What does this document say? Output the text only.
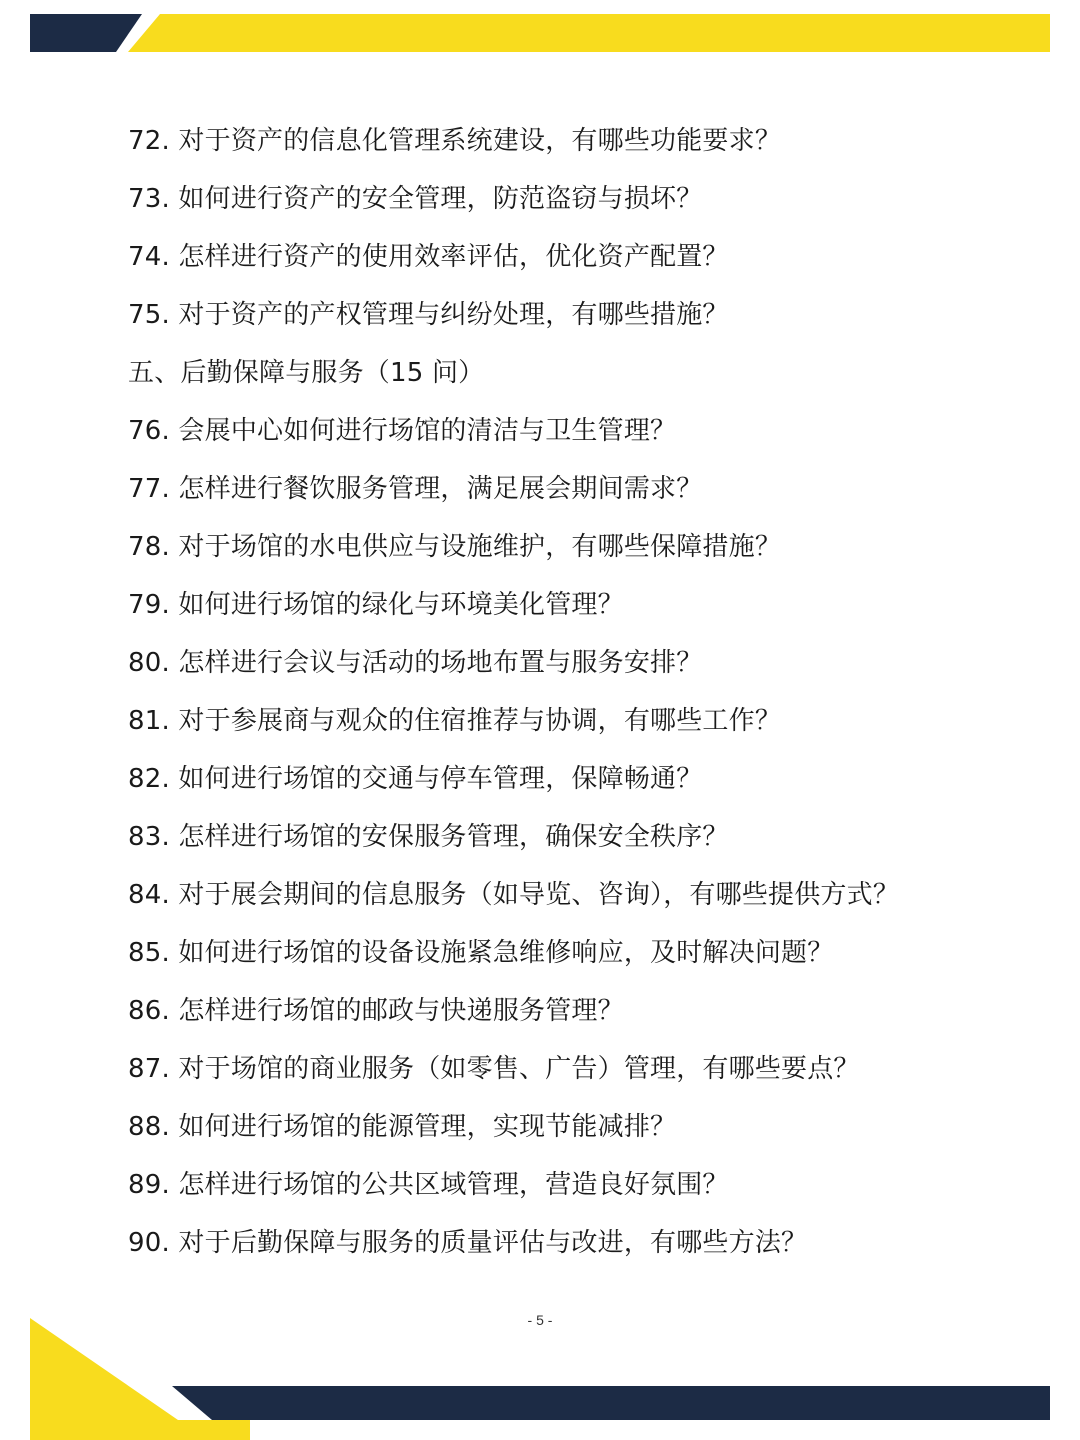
72. 对于资产的信息化管理系统建设，有哪些功能要求？
73. 如何进行资产的安全管理，防范盗窃与损坏？
74. 怎样进行资产的使用效率评估，优化资产配置？
75. 对于资产的产权管理与纠纷处理，有哪些措施？
五、后勤保障与服务（15 问）
76. 会展中心如何进行场馆的清洁与卫生管理？
77. 怎样进行餐饮服务管理，满足展会期间需求？
78. 对于场馆的水电供应与设施维护，有哪些保障措施？
79. 如何进行场馆的绿化与环境美化管理？
80. 怎样进行会议与活动的场地布置与服务安排？
81. 对于参展商与观众的住宿推荐与协调，有哪些工作？
82. 如何进行场馆的交通与停车管理，保障畅通？
83. 怎样进行场馆的安保服务管理，确保安全秩序？
84. 对于展会期间的信息服务（如导览、咨询），有哪些提供方式？
85. 如何进行场馆的设备设施紧急维修响应，及时解决问题？
86. 怎样进行场馆的邮政与快递服务管理？
87. 对于场馆的商业服务（如零售、广告）管理，有哪些要点？
88. 如何进行场馆的能源管理，实现节能减排？
89. 怎样进行场馆的公共区域管理，营造良好氛围？
90. 对于后勤保障与服务的质量评估与改进，有哪些方法？
- 5 -
